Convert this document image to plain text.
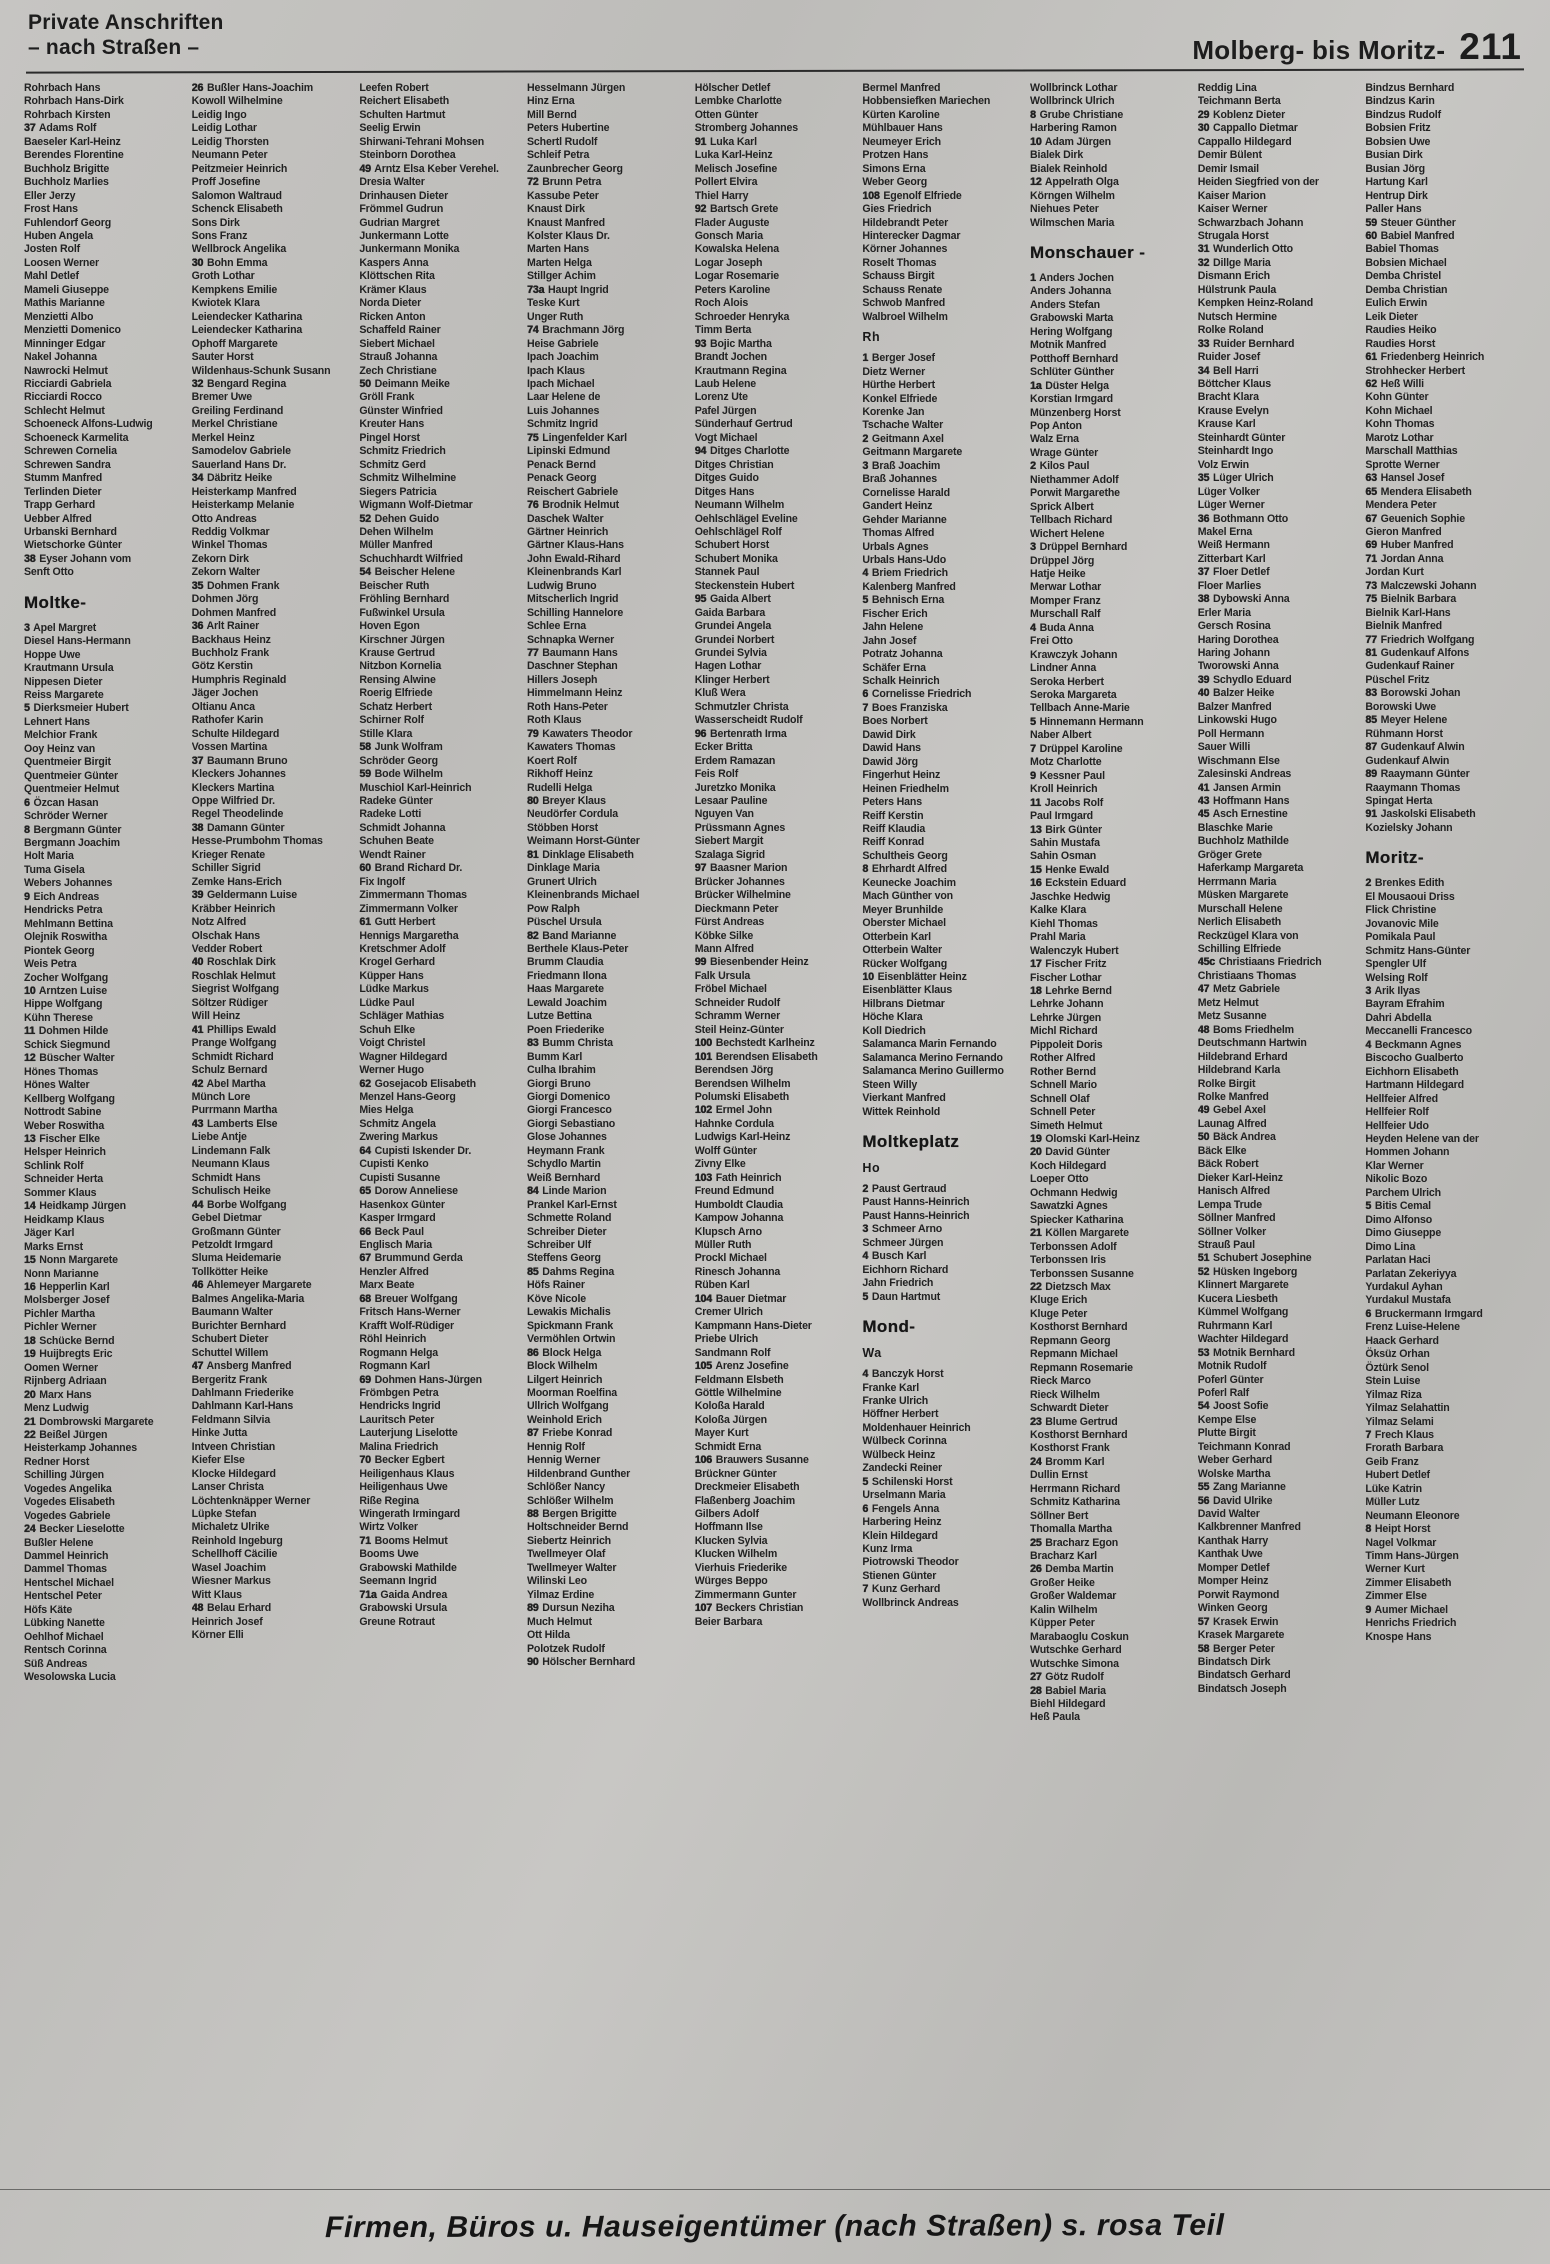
Private Anschriften
– nach Straßen –	Molberg- bis Moritz- 211
Rohrbach Hans
Rohrbach Hans-Dirk
Rohrbach Kirsten
37 Adams Rolf
Baeseler Karl-Heinz
Berendes Florentine
Buchholz Brigitte
Buchholz Marlies
Eller Jerzy
Frost Hans
Fuhlendorf Georg
Huben Angela
Josten Rolf
Loosen Werner
Mahl Detlef
Mameli Giuseppe
Mathis Marianne
Menzietti Albo
Menzietti Domenico
Minninger Edgar
Nakel Johanna
Nawrocki Helmut
Ricciardi Gabriela
Ricciardi Rocco
Schlecht Helmut
Schoeneck Alfons-Ludwig
Schoeneck Karmelita
Schrewen Cornelia
Schrewen Sandra
Stumm Manfred
Terlinden Dieter
Trapp Gerhard
Uebber Alfred
Urbanski Bernhard
Wietschorke Günter
38 Eyser Johann vom
Senft Otto
Moltke-
3 Apel Margret
Diesel Hans-Hermann
Hoppe Uwe
Krautmann Ursula
Nippesen Dieter
Reiss Margarete
5 Dierksmeier Hubert
Lehnert Hans
Melchior Frank
Ooy Heinz van
Quentmeier Birgit
Quentmeier Günter
Quentmeier Helmut
6 Özcan Hasan
Schröder Werner
8 Bergmann Günter
Bergmann Joachim
Holt Maria
Tuma Gisela
Webers Johannes
9 Eich Andreas
Hendricks Petra
Mehlmann Bettina
Olejnik Roswitha
Piontek Georg
Weis Petra
Zocher Wolfgang
10 Arntzen Luise
Hippe Wolfgang
Kühn Therese
11 Dohmen Hilde
Schick Siegmund
12 Büscher Walter
Hönes Thomas
Hönes Walter
Kellberg Wolfgang
Nottrodt Sabine
Weber Roswitha
13 Fischer Elke
Helsper Heinrich
Schlink Rolf
Schneider Herta
Sommer Klaus
14 Heidkamp Jürgen
Heidkamp Klaus
Jäger Karl
Marks Ernst
15 Nonn Margarete
Nonn Marianne
16 Hepperlin Karl
Molsberger Josef
Pichler Martha
Pichler Werner
18 Schücke Bernd
19 Huijbregts Eric
Oomen Werner
Rijnberg Adriaan
20 Marx Hans
Menz Ludwig
21 Dombrowski Margarete
22 Beißel Jürgen
Heisterkamp Johannes
Redner Horst
Schilling Jürgen
Vogedes Angelika
Vogedes Elisabeth
Vogedes Gabriele
24 Becker Lieselotte
Bußler Helene
Dammel Heinrich
Dammel Thomas
Hentschel Michael
Hentschel Peter
Höfs Käte
Lübking Nanette
Oehlhof Michael
Rentsch Corinna
Süß Andreas
Wesolowska Lucia
26 Bußler Hans-Joachim
Kowoll Wilhelmine
Leidig Ingo
Leidig Lothar
Leidig Thorsten
Neumann Peter
Peitzmeier Heinrich
Proff Josefine
Salomon Waltraud
Schenck Elisabeth
Sons Dirk
Sons Franz
Wellbrock Angelika
30 Bohn Emma
Groth Lothar
Kempkens Emilie
Kwiotek Klara
Leiendecker Katharina
Leiendecker Katharina
Ophoff Margarete
Sauter Horst
Wildenhaus-Schunk Susann
32 Bengard Regina
Bremer Uwe
Greiling Ferdinand
Merkel Christiane
Merkel Heinz
Samodelov Gabriele
Sauerland Hans Dr.
34 Däbritz Heike
Heisterkamp Manfred
Heisterkamp Melanie
Otto Andreas
Reddig Volkmar
Winkel Thomas
Zekorn Dirk
Zekorn Walter
35 Dohmen Frank
Dohmen Jörg
Dohmen Manfred
36 Arlt Rainer
Backhaus Heinz
Buchholz Frank
Götz Kerstin
Humphris Reginald
Jäger Jochen
Oltianu Anca
Rathofer Karin
Schulte Hildegard
Vossen Martina
37 Baumann Bruno
Kleckers Johannes
Kleckers Martina
Oppe Wilfried Dr.
Regel Theodelinde
38 Damann Günter
Hesse-Prumbohm Thomas
Krieger Renate
Schiller Sigrid
Zemke Hans-Erich
39 Geldermann Luise
Kräbber Heinrich
Notz Alfred
Olschak Hans
Vedder Robert
40 Roschlak Dirk
Roschlak Helmut
Siegrist Wolfgang
Söltzer Rüdiger
Will Heinz
41 Phillips Ewald
Prange Wolfgang
Schmidt Richard
Schulz Bernard
42 Abel Martha
Münch Lore
Purrmann Martha
43 Lamberts Else
Liebe Antje
Lindemann Falk
Neumann Klaus
Schmidt Hans
Schulisch Heike
44 Borbe Wolfgang
Gebel Dietmar
Großmann Günter
Petzoldt Irmgard
Sluma Heidemarie
Tollkötter Heike
46 Ahlemeyer Margarete
Balmes Angelika-Maria
Baumann Walter
Burichter Bernhard
Schubert Dieter
Schuttel Willem
47 Ansberg Manfred
Bergeritz Frank
Dahlmann Friederike
Dahlmann Karl-Hans
Feldmann Silvia
Hinke Jutta
Intveen Christian
Kiefer Else
Klocke Hildegard
Lanser Christa
Löchtenknäpper Werner
Lüpke Stefan
Michaletz Ulrike
Reinhold Ingeburg
Schellhoff Cäcilie
Wasel Joachim
Wiesner Markus
Witt Klaus
48 Belau Erhard
Heinrich Josef
Körner Elli
Leefen Robert
Reichert Elisabeth
Schulten Hartmut
Seelig Erwin
Shirwani-Tehrani Mohsen
Steinborn Dorothea
49 Arntz Elsa Keber Verehel.
Dresia Walter
Drinhausen Dieter
Frömmel Gudrun
Gudrian Margret
Junkermann Lotte
Junkermann Monika
Kaspers Anna
Klöttschen Rita
Krämer Klaus
Norda Dieter
Ricken Anton
Schaffeld Rainer
Siebert Michael
Strauß Johanna
Zech Christiane
50 Deimann Meike
Gröll Frank
Günster Winfried
Kreuter Hans
Pingel Horst
Schmitz Friedrich
Schmitz Gerd
Schmitz Wilhelmine
Siegers Patricia
Wigmann Wolf-Dietmar
52 Dehen Guido
Dehen Wilhelm
Müller Manfred
Schuchhardt Wilfried
54 Beischer Helene
Beischer Ruth
Fröhling Bernhard
Fußwinkel Ursula
Hoven Egon
Kirschner Jürgen
Krause Gertrud
Nitzbon Kornelia
Rensing Alwine
Roerig Elfriede
Schatz Herbert
Schirner Rolf
Stille Klara
58 Junk Wolfram
Schröder Georg
59 Bode Wilhelm
Muschiol Karl-Heinrich
Radeke Günter
Radeke Lotti
Schmidt Johanna
Schuhen Beate
Wendt Rainer
60 Brand Richard Dr.
Fix Ingolf
Zimmermann Thomas
Zimmermann Volker
61 Gutt Herbert
Hennigs Margaretha
Kretschmer Adolf
Krogel Gerhard
Küpper Hans
Lüdke Markus
Lüdke Paul
Schläger Mathias
Schuh Elke
Voigt Christel
Wagner Hildegard
Werner Hugo
62 Gosejacob Elisabeth
Menzel Hans-Georg
Mies Helga
Schmitz Angela
Zwering Markus
64 Cupisti Iskender Dr.
Cupisti Kenko
Cupisti Susanne
65 Dorow Anneliese
Hasenkox Günter
Kasper Irmgard
66 Beck Paul
Englisch Maria
67 Brummund Gerda
Henzler Alfred
Marx Beate
68 Breuer Wolfgang
Fritsch Hans-Werner
Krafft Wolf-Rüdiger
Röhl Heinrich
Rogmann Helga
Rogmann Karl
69 Dohmen Hans-Jürgen
Frömbgen Petra
Hendricks Ingrid
Lauritsch Peter
Lauterjung Liselotte
Malina Friedrich
70 Becker Egbert
Heiligenhaus Klaus
Heiligenhaus Uwe
Riße Regina
Wingerath Irmingard
Wirtz Volker
71 Booms Helmut
Booms Uwe
Grabowski Mathilde
Seemann Ingrid
71a Gaida Andrea
Grabowski Ursula
Greune Rotraut
Hesselmann Jürgen
Hinz Erna
Mill Bernd
Peters Hubertine
Schertl Rudolf
Schleif Petra
Zaunbrecher Georg
72 Brunn Petra
Kassube Peter
Knaust Dirk
Knaust Manfred
Kolster Klaus Dr.
Marten Hans
Marten Helga
Stillger Achim
73a Haupt Ingrid
Teske Kurt
Unger Ruth
74 Brachmann Jörg
Heise Gabriele
Ipach Joachim
Ipach Klaus
Ipach Michael
Laar Helene de
Luis Johannes
Schmitz Ingrid
75 Lingenfelder Karl
Lipinski Edmund
Penack Bernd
Penack Georg
Reischert Gabriele
76 Brodnik Helmut
Daschek Walter
Gärtner Heinrich
Gärtner Klaus-Hans
John Ewald-Rihard
Kleinenbrands Karl
Ludwig Bruno
Mitscherlich Ingrid
Schilling Hannelore
Schlee Erna
Schnapka Werner
77 Baumann Hans
Daschner Stephan
Hillers Joseph
Himmelmann Heinz
Roth Hans-Peter
Roth Klaus
79 Kawaters Theodor
Kawaters Thomas
Koert Rolf
Rikhoff Heinz
Rudelli Helga
80 Breyer Klaus
Neudörfer Cordula
Stöbben Horst
Weimann Horst-Günter
81 Dinklage Elisabeth
Dinklage Maria
Grunert Ulrich
Kleinenbrands Michael
Pow Ralph
Püschel Ursula
82 Band Marianne
Berthele Klaus-Peter
Brumm Claudia
Friedmann Ilona
Haas Margarete
Lewald Joachim
Lutze Bettina
Poen Friederike
83 Bumm Christa
Bumm Karl
Culha Ibrahim
Giorgi Bruno
Giorgi Domenico
Giorgi Francesco
Giorgi Sebastiano
Glose Johannes
Heymann Frank
Schydlo Martin
Weiß Bernhard
84 Linde Marion
Prankel Karl-Ernst
Schmette Roland
Schreiber Dieter
Schreiber Ulf
Steffens Georg
85 Dahms Regina
Höfs Rainer
Köve Nicole
Lewakis Michalis
Spickmann Frank
Vermöhlen Ortwin
86 Block Helga
Block Wilhelm
Lilgert Heinrich
Moorman Roelfina
Ullrich Wolfgang
Weinhold Erich
87 Friebe Konrad
Hennig Rolf
Hennig Werner
Hildenbrand Gunther
Schlößer Nancy
Schlößer Wilhelm
88 Bergen Brigitte
Holtschneider Bernd
Siebertz Heinrich
Twellmeyer Olaf
Twellmeyer Walter
Wilinski Leo
Yilmaz Erdine
89 Dursun Neziha
Much Helmut
Ott Hilda
Polotzek Rudolf
90 Hölscher Bernhard
Hölscher Detlef
Lembke Charlotte
Otten Günter
Stromberg Johannes
91 Luka Karl
Luka Karl-Heinz
Melisch Josefine
Pollert Elvira
Thiel Harry
92 Bartsch Grete
Flader Auguste
Gonsch Maria
Kowalska Helena
Logar Joseph
Logar Rosemarie
Peters Karoline
Roch Alois
Schroeder Henryka
Timm Berta
93 Bojic Martha
Brandt Jochen
Krautmann Regina
Laub Helene
Lorenz Ute
Pafel Jürgen
Sünderhauf Gertrud
Vogt Michael
94 Ditges Charlotte
Ditges Christian
Ditges Guido
Ditges Hans
Neumann Wilhelm
Oehlschlägel Eveline
Oehlschlägel Rolf
Schubert Horst
Schubert Monika
Stannek Paul
Steckenstein Hubert
95 Gaida Albert
Gaida Barbara
Grundei Angela
Grundei Norbert
Grundei Sylvia
Hagen Lothar
Klinger Herbert
Kluß Wera
Schmutzler Christa
Wasserscheidt Rudolf
96 Bertenrath Irma
Ecker Britta
Erdem Ramazan
Feis Rolf
Juretzko Monika
Lesaar Pauline
Nguyen Van
Prüssmann Agnes
Siebert Margit
Szalaga Sigrid
97 Baasner Marion
Brücker Johannes
Brücker Wilhelmine
Dieckmann Peter
Fürst Andreas
Köbke Silke
Mann Alfred
99 Biesenbender Heinz
Falk Ursula
Fröbel Michael
Schneider Rudolf
Schramm Werner
Steil Heinz-Günter
100 Bechstedt Karlheinz
101 Berendsen Elisabeth
Berendsen Jörg
Berendsen Wilhelm
Polumski Elisabeth
102 Ermel John
Hahnke Cordula
Ludwigs Karl-Heinz
Wolff Günter
Zivny Elke
103 Fath Heinrich
Freund Edmund
Humboldt Claudia
Kampow Johanna
Klupsch Arno
Müller Ruth
Prockl Michael
Rinesch Johanna
Rüben Karl
104 Bauer Dietmar
Cremer Ulrich
Kampmann Hans-Dieter
Priebe Ulrich
Sandmann Rolf
105 Arenz Josefine
Feldmann Elsbeth
Göttle Wilhelmine
Koloßa Harald
Koloßa Jürgen
Mayer Kurt
Schmidt Erna
106 Brauwers Susanne
Brückner Günter
Dreckmeier Elisabeth
Flaßenberg Joachim
Gilbers Adolf
Hoffmann Ilse
Klucken Sylvia
Klucken Wilhelm
Vierhuis Friederike
Würges Beppo
Zimmermann Gunter
107 Beckers Christian
Beier Barbara
Bermel Manfred
Hobbensiefken Mariechen
Kürten Karoline
Mühlbauer Hans
Neumeyer Erich
Protzen Hans
Simons Erna
Weber Georg
108 Egenolf Elfriede
Gies Friedrich
Hildebrandt Peter
Hinterecker Dagmar
Körner Johannes
Roselt Thomas
Schauss Birgit
Schauss Renate
Schwob Manfred
Walbroel Wilhelm
Rh
1 Berger Josef
Dietz Werner
Hürthe Herbert
Konkel Elfriede
Korenke Jan
Tschache Walter
2 Geitmann Axel
Geitmann Margarete
3 Braß Joachim
Braß Johannes
Cornelisse Harald
Gandert Heinz
Gehder Marianne
Thomas Alfred
Urbals Agnes
Urbals Hans-Udo
4 Briem Friedrich
Kalenberg Manfred
5 Behnisch Erna
Fischer Erich
Jahn Helene
Jahn Josef
Potratz Johanna
Schäfer Erna
Schalk Heinrich
6 Cornelisse Friedrich
7 Boes Franziska
Boes Norbert
Dawid Dirk
Dawid Hans
Dawid Jörg
Fingerhut Heinz
Heinen Friedhelm
Peters Hans
Reiff Kerstin
Reiff Klaudia
Reiff Konrad
Schultheis Georg
8 Ehrhardt Alfred
Keunecke Joachim
Mach Günther von
Meyer Brunhilde
Oberster Michael
Otterbein Karl
Otterbein Walter
Rücker Wolfgang
10 Eisenblätter Heinz
Eisenblätter Klaus
Hilbrans Dietmar
Höche Klara
Koll Diedrich
Salamanca Marin Fernando
Salamanca Merino Fernando
Salamanca Merino Guillermo
Steen Willy
Vierkant Manfred
Wittek Reinhold
Moltkeplatz
Ho
2 Paust Gertraud
Paust Hanns-Heinrich
Paust Hanns-Heinrich
3 Schmeer Arno
Schmeer Jürgen
4 Busch Karl
Eichhorn Richard
Jahn Friedrich
5 Daun Hartmut
Mond-
Wa
4 Banczyk Horst
Franke Karl
Franke Ulrich
Höffner Herbert
Moldenhauer Heinrich
Wülbeck Corinna
Wülbeck Heinz
Zandecki Reiner
5 Schilenski Horst
Urselmann Maria
6 Fengels Anna
Harbering Heinz
Klein Hildegard
Kunz Irma
Piotrowski Theodor
Stienen Günter
7 Kunz Gerhard
Wollbrinck Andreas
Wollbrinck Lothar
Wollbrinck Ulrich
8 Grube Christiane
Harbering Ramon
10 Adam Jürgen
Bialek Dirk
Bialek Reinhold
12 Appelrath Olga
Körngen Wilhelm
Niehues Peter
Wilmschen Maria
Monschauer -
1 Anders Jochen
Anders Johanna
Anders Stefan
Grabowski Marta
Hering Wolfgang
Motnik Manfred
Potthoff Bernhard
Schlüter Günther
1a Düster Helga
Korstian Irmgard
Münzenberg Horst
Pop Anton
Walz Erna
Wrage Günter
2 Kilos Paul
Niethammer Adolf
Porwit Margarethe
Sprick Albert
Tellbach Richard
Wichert Helene
3 Drüppel Bernhard
Drüppel Jörg
Hatje Heike
Merwar Lothar
Momper Franz
Murschall Ralf
4 Buda Anna
Frei Otto
Krawczyk Johann
Lindner Anna
Seroka Herbert
Seroka Margareta
Tellbach Anne-Marie
5 Hinnemann Hermann
Naber Albert
7 Drüppel Karoline
Motz Charlotte
9 Kessner Paul
Kroll Heinrich
11 Jacobs Rolf
Paul Irmgard
13 Birk Günter
Sahin Mustafa
Sahin Osman
15 Henke Ewald
16 Eckstein Eduard
Jaschke Hedwig
Kalke Klara
Kiehl Thomas
Prahl Maria
Walenczyk Hubert
17 Fischer Fritz
Fischer Lothar
18 Lehrke Bernd
Lehrke Johann
Lehrke Jürgen
Michl Richard
Pippoleit Doris
Rother Alfred
Rother Bernd
Schnell Mario
Schnell Olaf
Schnell Peter
Simeth Helmut
19 Olomski Karl-Heinz
20 David Günter
Koch Hildegard
Loeper Otto
Ochmann Hedwig
Sawatzki Agnes
Spiecker Katharina
21 Köllen Margarete
Terbonssen Adolf
Terbonssen Iris
Terbonssen Susanne
22 Dietzsch Max
Kluge Erich
Kluge Peter
Kosthorst Bernhard
Repmann Georg
Repmann Michael
Repmann Rosemarie
Rieck Marco
Rieck Wilhelm
Schwardt Dieter
23 Blume Gertrud
Kosthorst Bernhard
Kosthorst Frank
24 Bromm Karl
Dullin Ernst
Herrmann Richard
Schmitz Katharina
Söllner Bert
Thomalla Martha
25 Bracharz Egon
Bracharz Karl
26 Demba Martin
Großer Heike
Großer Waldemar
Kalin Wilhelm
Küpper Peter
Marabaoglu Coskun
Wutschke Gerhard
Wutschke Simona
27 Götz Rudolf
28 Babiel Maria
Biehl Hildegard
Heß Paula
Reddig Lina
Teichmann Berta
29 Koblenz Dieter
30 Cappallo Dietmar
Cappallo Hildegard
Demir Bülent
Demir Ismail
Heiden Siegfried von der
Kaiser Marion
Kaiser Werner
Schwarzbach Johann
Strugala Horst
31 Wunderlich Otto
32 Dillge Maria
Dismann Erich
Hülstrunk Paula
Kempken Heinz-Roland
Nutsch Hermine
Rolke Roland
33 Ruider Bernhard
Ruider Josef
34 Bell Harri
Böttcher Klaus
Bracht Klara
Krause Evelyn
Krause Karl
Steinhardt Günter
Steinhardt Ingo
Volz Erwin
35 Lüger Ulrich
Lüger Volker
Lüger Werner
36 Bothmann Otto
Makel Erna
Weiß Hermann
Zitterbart Karl
37 Floer Detlef
Floer Marlies
38 Dybowski Anna
Erler Maria
Gersch Rosina
Haring Dorothea
Haring Johann
Tworowski Anna
39 Schydlo Eduard
40 Balzer Heike
Balzer Manfred
Linkowski Hugo
Poll Hermann
Sauer Willi
Wischmann Else
Zalesinski Andreas
41 Jansen Armin
43 Hoffmann Hans
45 Asch Ernestine
Blaschke Marie
Buchholz Mathilde
Gröger Grete
Haferkamp Margareta
Herrmann Maria
Müsken Margarete
Murschall Helene
Nerlich Elisabeth
Reckzügel Klara von
Schilling Elfriede
45c Christiaans Friedrich
Christiaans Thomas
47 Metz Gabriele
Metz Helmut
Metz Susanne
48 Boms Friedhelm
Deutschmann Hartwin
Hildebrand Erhard
Hildebrand Karla
Rolke Birgit
Rolke Manfred
49 Gebel Axel
Launag Alfred
50 Bäck Andrea
Bäck Elke
Bäck Robert
Dieker Karl-Heinz
Hanisch Alfred
Lempa Trude
Söllner Manfred
Söllner Volker
Strauß Paul
51 Schubert Josephine
52 Hüsken Ingeborg
Klinnert Margarete
Kucera Liesbeth
Kümmel Wolfgang
Ruhrmann Karl
Wachter Hildegard
53 Motnik Bernhard
Motnik Rudolf
Poferl Günter
Poferl Ralf
54 Joost Sofie
Kempe Else
Plutte Birgit
Teichmann Konrad
Weber Gerhard
Wolske Martha
55 Zang Marianne
56 David Ulrike
David Walter
Kalkbrenner Manfred
Kanthak Harry
Kanthak Uwe
Momper Detlef
Momper Heinz
Porwit Raymond
Winken Georg
57 Krasek Erwin
Krasek Margarete
58 Berger Peter
Bindatsch Dirk
Bindatsch Gerhard
Bindatsch Joseph
Bindzus Bernhard
Bindzus Karin
Bindzus Rudolf
Bobsien Fritz
Bobsien Uwe
Busian Dirk
Busian Jörg
Hartung Karl
Hentrup Dirk
Paller Hans
59 Steuer Günther
60 Babiel Manfred
Babiel Thomas
Bobsien Michael
Demba Christel
Demba Christian
Eulich Erwin
Leik Dieter
Raudies Heiko
Raudies Horst
61 Friedenberg Heinrich
Strohhecker Herbert
62 Heß Willi
Kohn Günter
Kohn Michael
Kohn Thomas
Marotz Lothar
Marschall Matthias
Sprotte Werner
63 Hansel Josef
65 Mendera Elisabeth
Mendera Peter
67 Geuenich Sophie
Gieron Manfred
69 Huber Manfred
71 Jordan Anna
Jordan Kurt
73 Malczewski Johann
75 Bielnik Barbara
Bielnik Karl-Hans
Bielnik Manfred
77 Friedrich Wolfgang
81 Gudenkauf Alfons
Gudenkauf Rainer
Püschel Fritz
83 Borowski Johan
Borowski Uwe
85 Meyer Helene
Rühmann Horst
87 Gudenkauf Alwin
Gudenkauf Alwin
89 Raaymann Günter
Raaymann Thomas
Spingat Herta
91 Jaskolski Elisabeth
Kozielsky Johann
Moritz-
2 Brenkes Edith
El Mousaoui Driss
Flick Christine
Jovanovic Mile
Pomikala Paul
Schmitz Hans-Günter
Spengler Ulf
Welsing Rolf
3 Arik Ilyas
Bayram Efrahim
Dahri Abdella
Meccanelli Francesco
4 Beckmann Agnes
Biscocho Gualberto
Eichhorn Elisabeth
Hartmann Hildegard
Hellfeier Alfred
Hellfeier Rolf
Hellfeier Udo
Heyden Helene van der
Hommen Johann
Klar Werner
Nikolic Bozo
Parchem Ulrich
5 Bitis Cemal
Dimo Alfonso
Dimo Giuseppe
Dimo Lina
Parlatan Haci
Parlatan Zekeriyya
Yurdakul Ayhan
Yurdakul Mustafa
6 Bruckermann Irmgard
Frenz Luise-Helene
Haack Gerhard
Öksüz Orhan
Öztürk Senol
Stein Luise
Yilmaz Riza
Yilmaz Selahattin
Yilmaz Selami
7 Frech Klaus
Frorath Barbara
Geib Franz
Hubert Detlef
Lüke Katrin
Müller Lutz
Neumann Eleonore
8 Heipt Horst
Nagel Volkmar
Timm Hans-Jürgen
Werner Kurt
Zimmer Elisabeth
Zimmer Else
9 Aumer Michael
Henrichs Friedrich
Knospe Hans
Firmen, Büros u. Hauseigentümer (nach Straßen) s. rosa Teil
